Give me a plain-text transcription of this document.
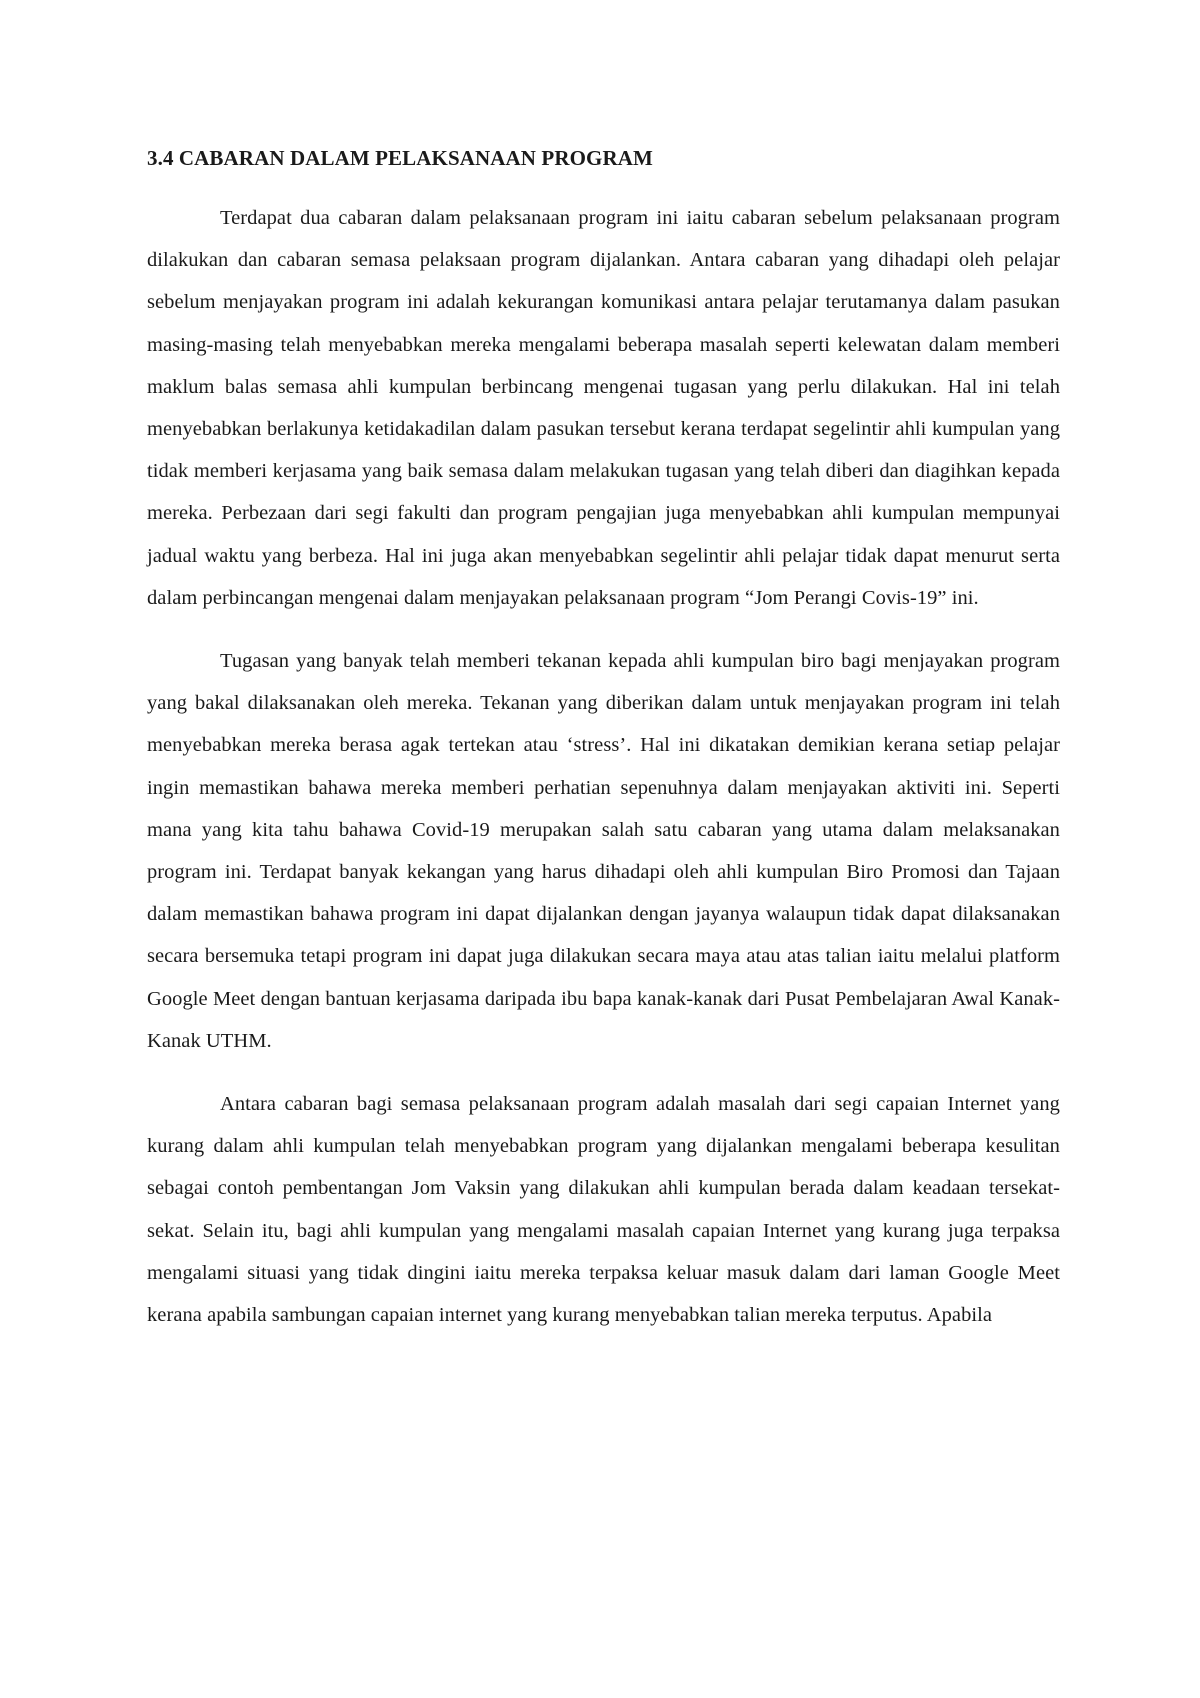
3.4 CABARAN DALAM PELAKSANAAN PROGRAM

Terdapat dua cabaran dalam pelaksanaan program ini iaitu cabaran sebelum pelaksanaan program dilakukan dan cabaran semasa pelaksaan program dijalankan. Antara cabaran yang dihadapi oleh pelajar sebelum menjayakan program ini adalah kekurangan komunikasi antara pelajar terutamanya dalam pasukan masing-masing telah menyebabkan mereka mengalami beberapa masalah seperti kelewatan dalam memberi maklum balas semasa ahli kumpulan berbincang mengenai tugasan yang perlu dilakukan. Hal ini telah menyebabkan berlakunya ketidakadilan dalam pasukan tersebut kerana terdapat segelintir ahli kumpulan yang tidak memberi kerjasama yang baik semasa dalam melakukan tugasan yang telah diberi dan diagihkan kepada mereka. Perbezaan dari segi fakulti dan program pengajian juga menyebabkan ahli kumpulan mempunyai jadual waktu yang berbeza. Hal ini juga akan menyebabkan segelintir ahli pelajar tidak dapat menurut serta dalam perbincangan mengenai dalam menjayakan pelaksanaan program “Jom Perangi Covis-19” ini.

Tugasan yang banyak telah memberi tekanan kepada ahli kumpulan biro bagi menjayakan program yang bakal dilaksanakan oleh mereka. Tekanan yang diberikan dalam untuk menjayakan program ini telah menyebabkan mereka berasa agak tertekan atau ‘stress’. Hal ini dikatakan demikian kerana setiap pelajar ingin memastikan bahawa mereka memberi perhatian sepenuhnya dalam menjayakan aktiviti ini. Seperti mana yang kita tahu bahawa Covid-19 merupakan salah satu cabaran yang utama dalam melaksanakan program ini. Terdapat banyak kekangan yang harus dihadapi oleh ahli kumpulan Biro Promosi dan Tajaan dalam memastikan bahawa program ini dapat dijalankan dengan jayanya walaupun tidak dapat dilaksanakan secara bersemuka tetapi program ini dapat juga dilakukan secara maya atau atas talian iaitu melalui platform Google Meet dengan bantuan kerjasama daripada ibu bapa kanak-kanak dari Pusat Pembelajaran Awal Kanak-Kanak UTHM.

Antara cabaran bagi semasa pelaksanaan program adalah masalah dari segi capaian Internet yang kurang dalam ahli kumpulan telah menyebabkan program yang dijalankan mengalami beberapa kesulitan sebagai contoh pembentangan Jom Vaksin yang dilakukan ahli kumpulan berada dalam keadaan tersekat-sekat. Selain itu, bagi ahli kumpulan yang mengalami masalah capaian Internet yang kurang juga terpaksa mengalami situasi yang tidak dingini iaitu mereka terpaksa keluar masuk dalam dari laman Google Meet kerana apabila sambungan capaian internet yang kurang menyebabkan talian mereka terputus. Apabila
